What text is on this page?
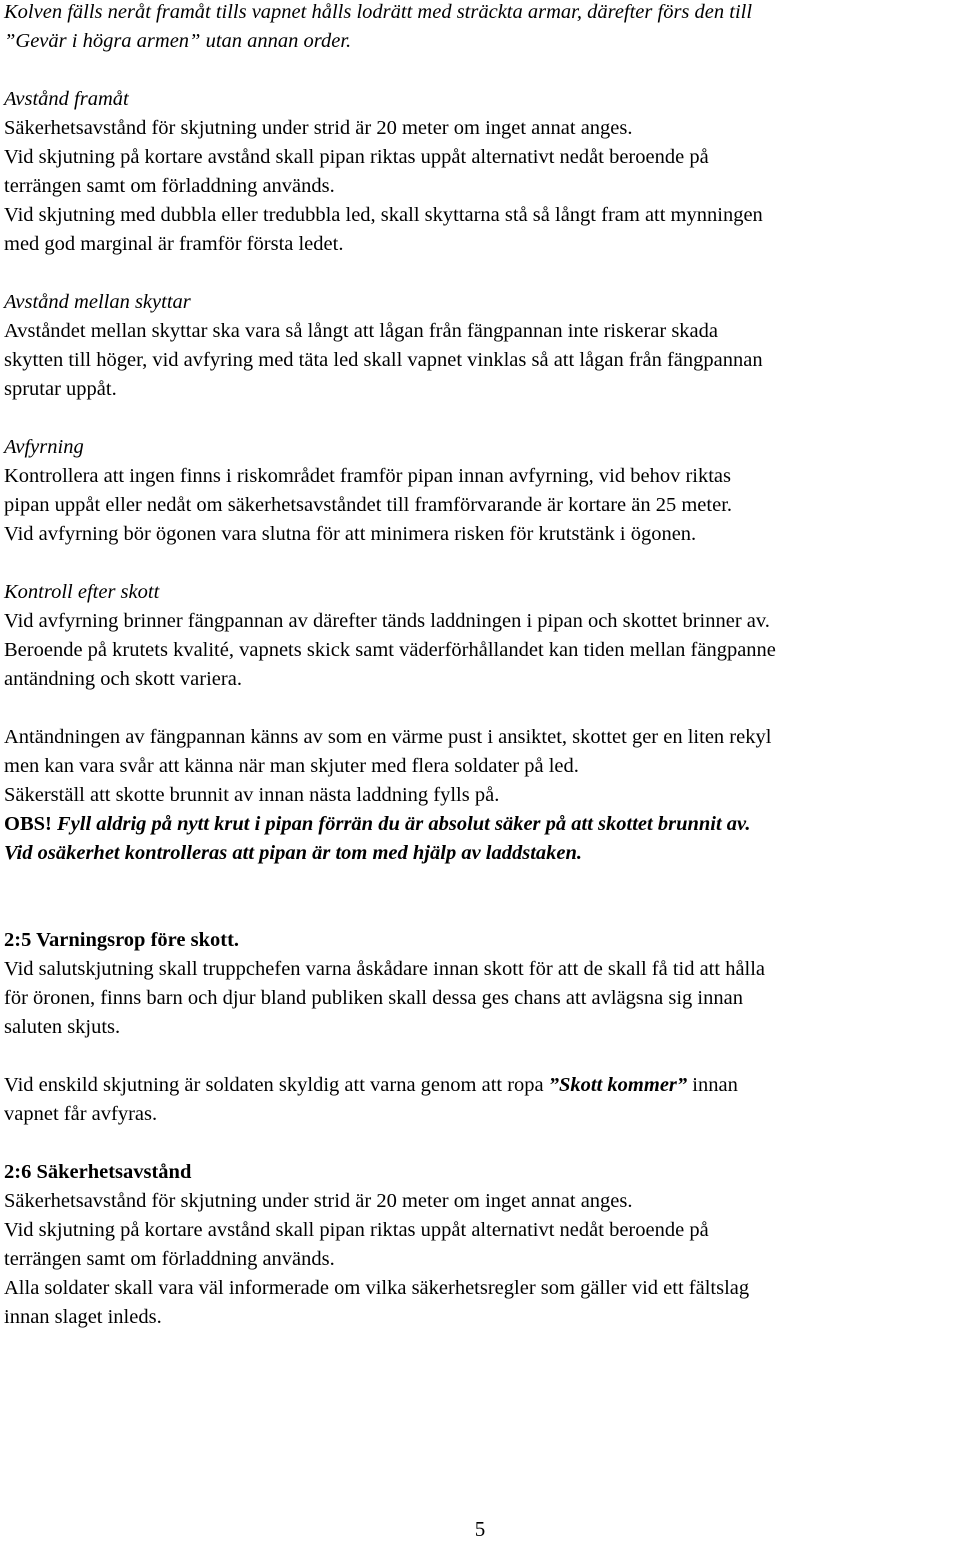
Kolven fälls neråt framåt tills vapnet hålls lodrätt med sträckta armar, därefter förs den till
”Gevär i högra armen” utan annan order.
Avstånd framåt
Säkerhetsavstånd för skjutning under strid är 20 meter om inget annat anges.
Vid skjutning på kortare avstånd skall pipan riktas uppåt alternativt nedåt beroende på
terrängen samt om förladdning används.
Vid skjutning med dubbla eller tredubbla led, skall skyttarna stå så långt fram att mynningen
med god marginal är framför första ledet.
Avstånd mellan skyttar
Avståndet mellan skyttar ska vara så långt att lågan från fängpannan inte riskerar skada
skytten till höger, vid avfyring med täta led skall vapnet vinklas så att lågan från fängpannan
sprutar uppåt.
Avfyrning
Kontrollera att ingen finns i riskområdet framför pipan innan avfyrning, vid behov riktas
pipan uppåt eller nedåt om säkerhetsavståndet till framförvarande är kortare än 25 meter.
Vid avfyrning bör ögonen vara slutna för att minimera risken för krutstänk i ögonen.
Kontroll efter skott
Vid avfyrning brinner fängpannan av därefter tänds laddningen i pipan och skottet brinner av.
Beroende på krutets kvalité, vapnets skick samt väderförhållandet kan tiden mellan fängpanne
antändning och skott variera.
Antändningen av fängpannan känns av som en värme pust i ansiktet, skottet ger en liten rekyl
men kan vara svår att känna när man skjuter med flera soldater på led.
Säkerställ att skotte brunnit av innan nästa laddning fylls på.
OBS! Fyll aldrig på nytt krut i pipan förrän du är absolut säker på att skottet brunnit av.
Vid osäkerhet kontrolleras att pipan är tom med hjälp av laddstaken.
2:5 Varningsrop före skott.
Vid salutskjutning skall truppchefen varna åskådare innan skott för att de skall få tid att hålla
för öronen, finns barn och djur bland publiken skall dessa ges chans att avlägsna sig innan
saluten skjuts.
Vid enskild skjutning är soldaten skyldig att varna genom att ropa ”Skott kommer” innan
vapnet får avfyras.
2:6 Säkerhetsavstånd
Säkerhetsavstånd för skjutning under strid är 20 meter om inget annat anges.
Vid skjutning på kortare avstånd skall pipan riktas uppåt alternativt nedåt beroende på
terrängen samt om förladdning används.
Alla soldater skall vara väl informerade om vilka säkerhetsregler som gäller vid ett fältslag
innan slaget inleds.
5
